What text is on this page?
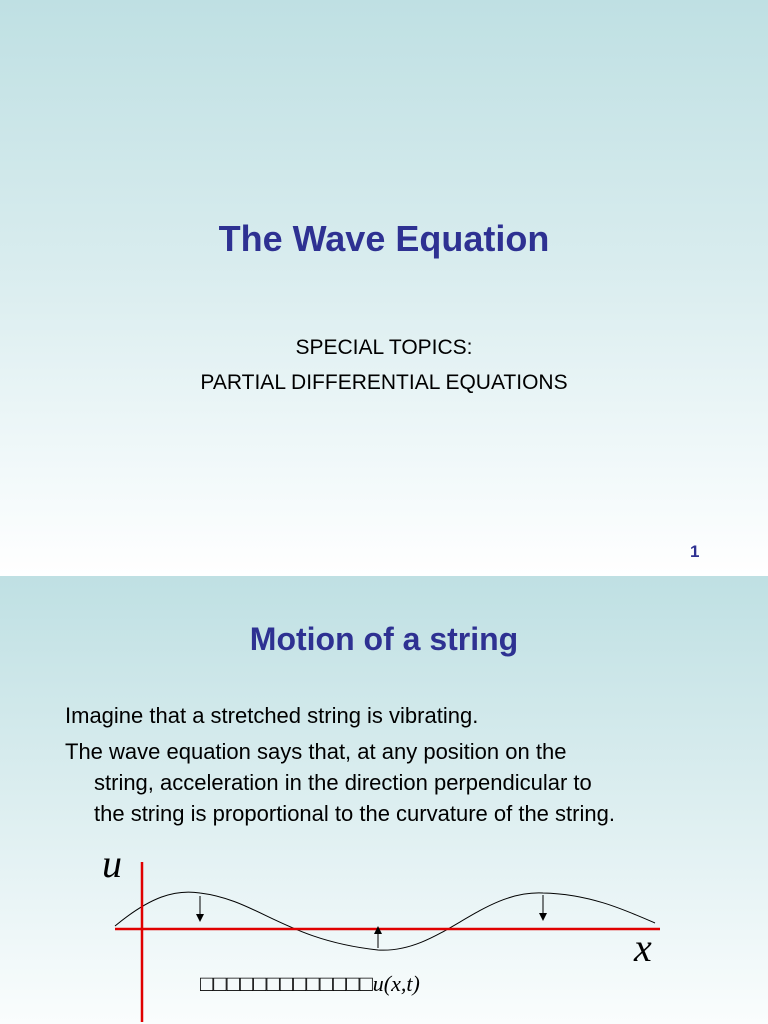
The Wave Equation
SPECIAL TOPICS:
PARTIAL DIFFERENTIAL EQUATIONS
1
Motion of a string
Imagine that a stretched string is vibrating.
The wave equation says that, at any position on the
string, acceleration in the direction perpendicular to
the string is proportional to the curvature of the string.
u
x
□□□□□□□□□□□□□u(x,t)
